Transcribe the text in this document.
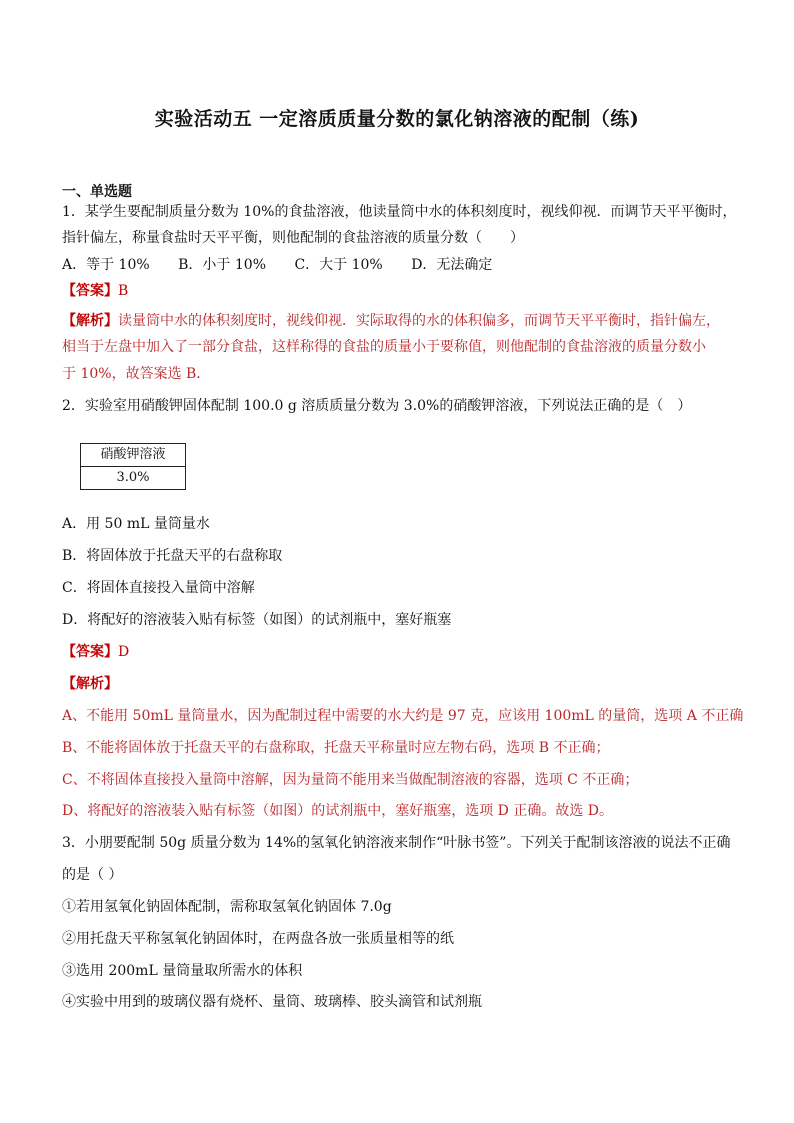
实验活动五 一定溶质质量分数的氯化钠溶液的配制（练)
一、单选题
1．某学生要配制质量分数为 10%的食盐溶液，他读量筒中水的体积刻度时，视线仰视．而调节天平平衡时，
指针偏左，称量食盐时天平平衡，则他配制的食盐溶液的质量分数（　　）
A．等于 10% B．小于 10% C．大于 10% D．无法确定
【答案】B
【解析】读量筒中水的体积刻度时，视线仰视．实际取得的水的体积偏多，而调节天平平衡时，指针偏左，
相当于左盘中加入了一部分食盐，这样称得的食盐的质量小于要称值，则他配制的食盐溶液的质量分数小
于 10%，故答案选 B．
2．实验室用硝酸钾固体配制 100.0 g 溶质质量分数为 3.0%的硝酸钾溶液，下列说法正确的是（　）
硝酸钾溶液
3.0%
A．用 50 mL 量筒量水
B．将固体放于托盘天平的右盘称取
C．将固体直接投入量筒中溶解
D．将配好的溶液装入贴有标签（如图）的试剂瓶中，塞好瓶塞
【答案】D
【解析】
A、不能用 50mL 量筒量水，因为配制过程中需要的水大约是 97 克，应该用 100mL 的量筒，选项 A 不正确
B、不能将固体放于托盘天平的右盘称取，托盘天平称量时应左物右码，选项 B 不正确；
C、不将固体直接投入量筒中溶解，因为量筒不能用来当做配制溶液的容器，选项 C 不正确；
D、将配好的溶液装入贴有标签（如图）的试剂瓶中，塞好瓶塞，选项 D 正确。故选 D。
3．小朋要配制 50g 质量分数为 14%的氢氧化钠溶液来制作“叶脉书签”。下列关于配制该溶液的说法不正确
的是（ ）
①若用氢氧化钠固体配制，需称取氢氧化钠固体 7.0g
②用托盘天平称氢氧化钠固体时，在两盘各放一张质量相等的纸
③选用 200mL 量筒量取所需水的体积
④实验中用到的玻璃仪器有烧杯、量筒、玻璃棒、胶头滴管和试剂瓶
